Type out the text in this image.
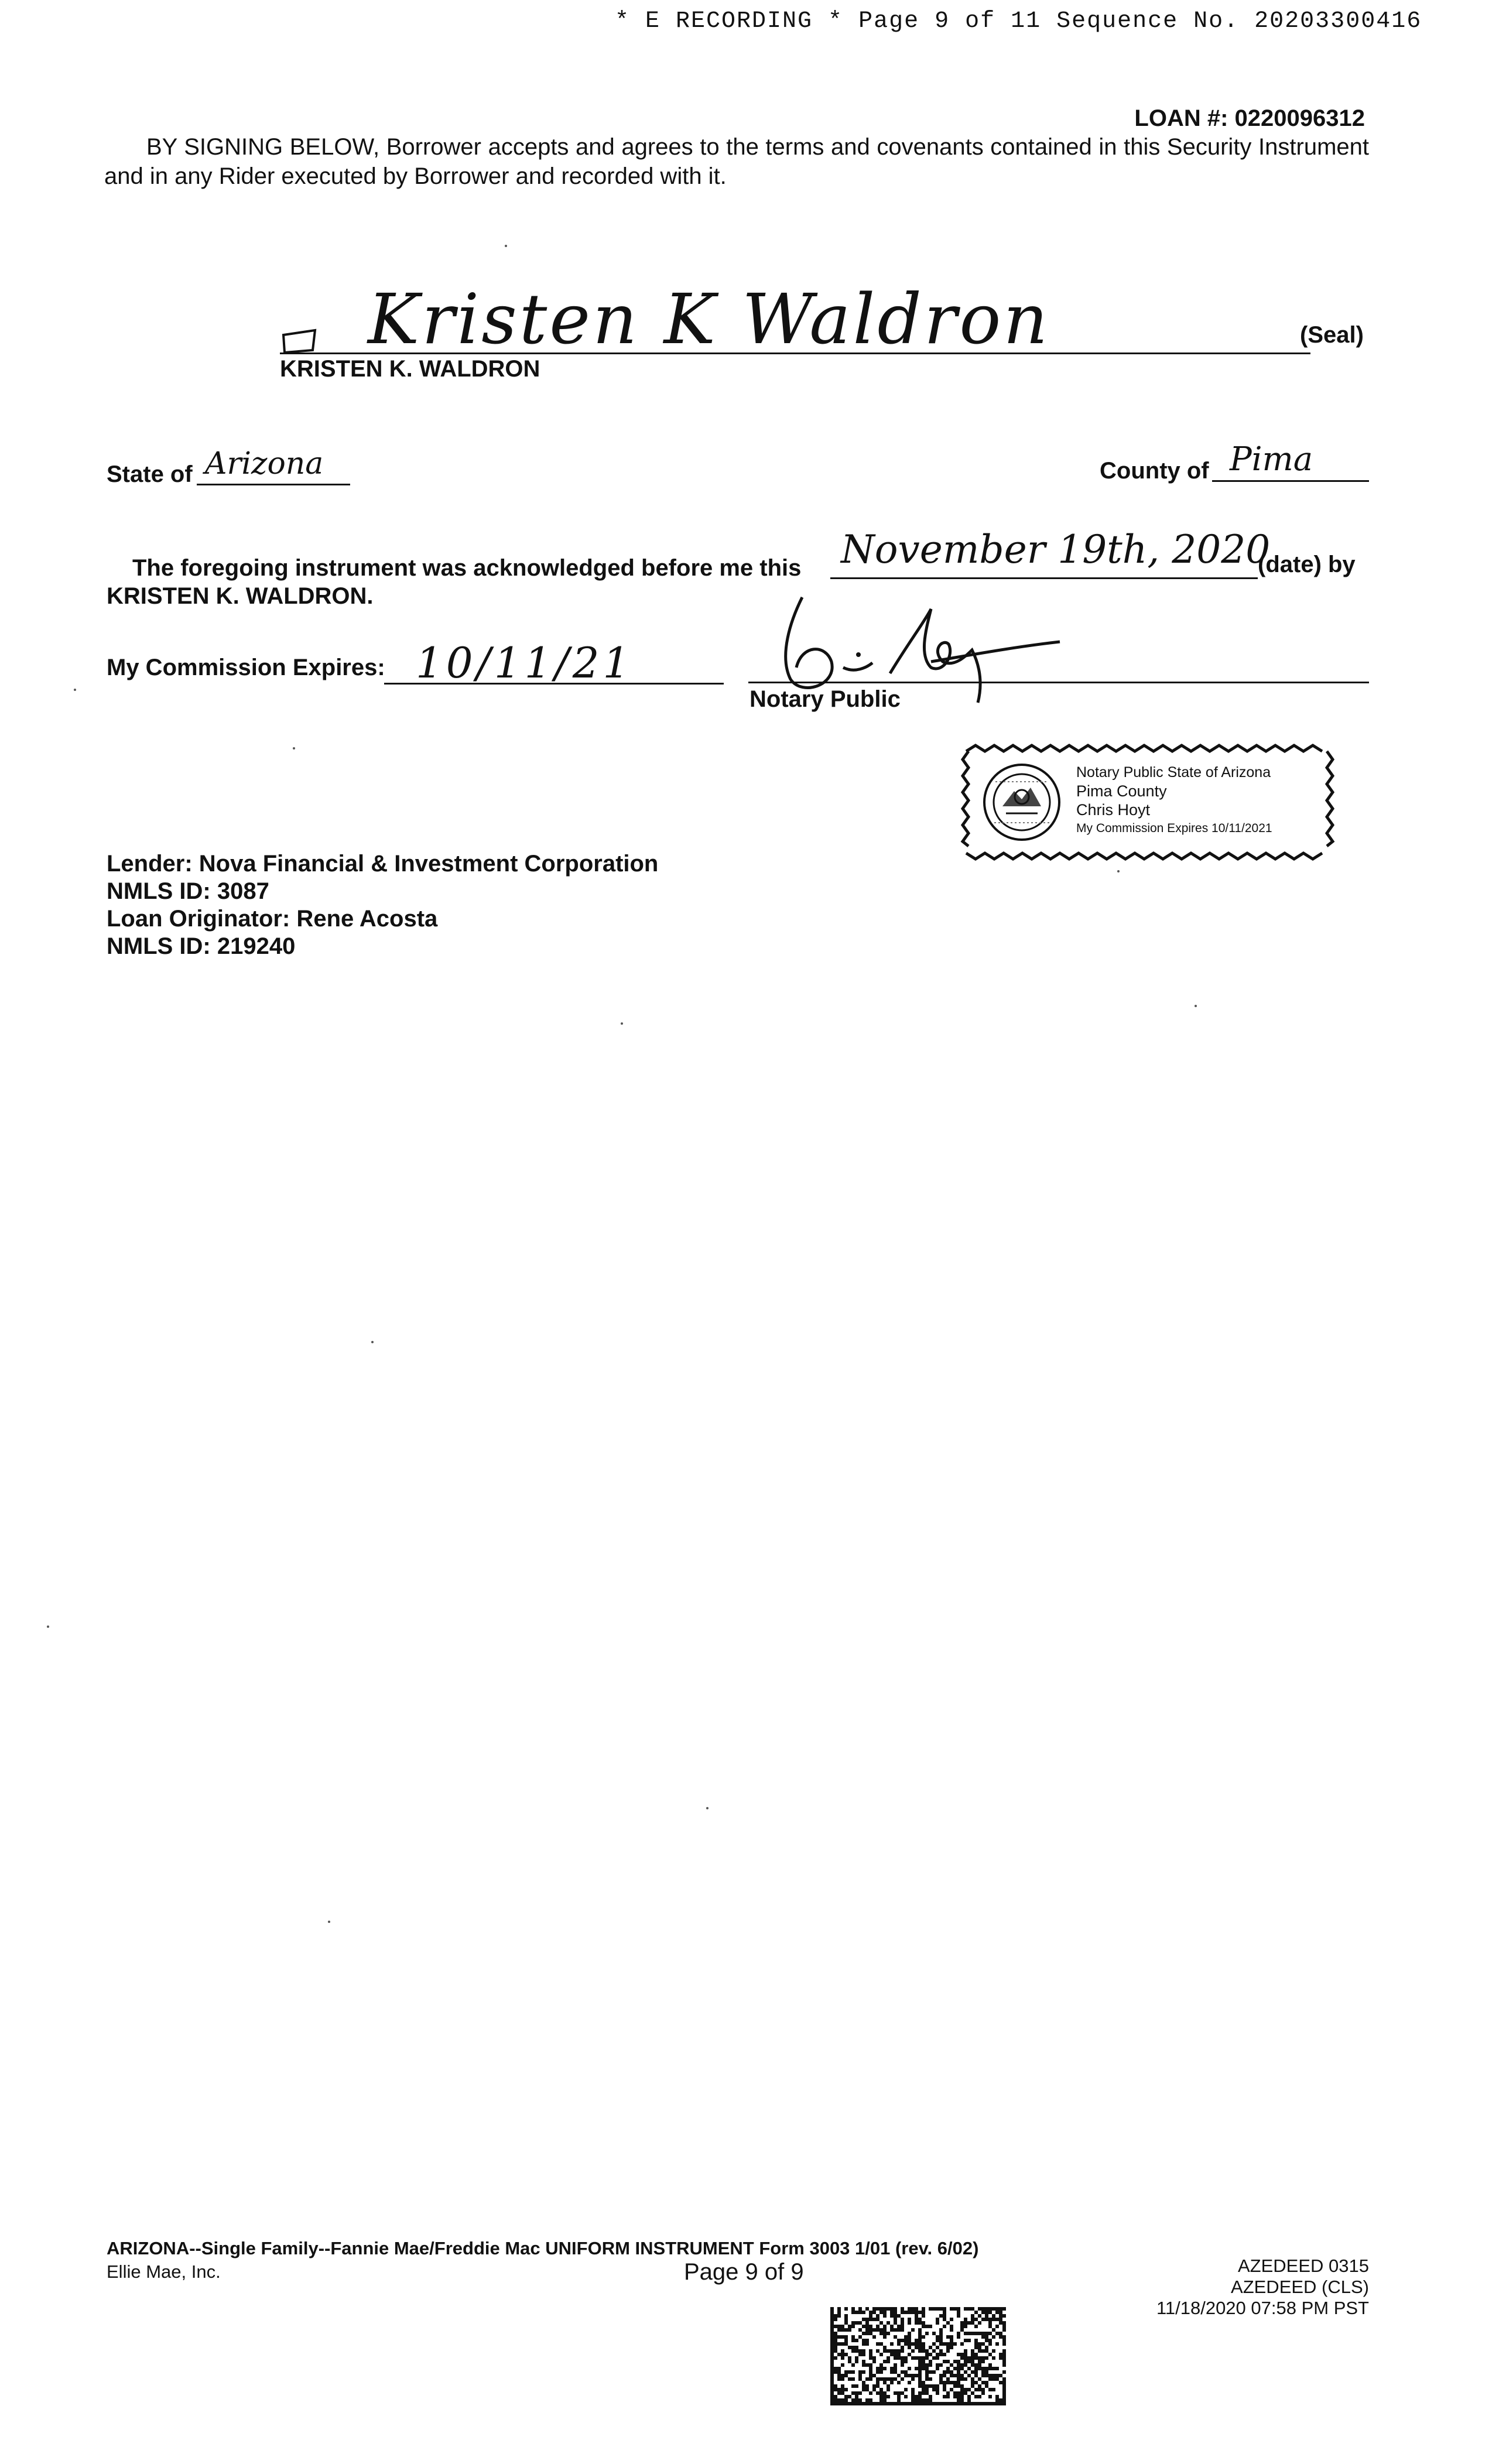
* E RECORDING * Page 9 of 11 Sequence No. 20203300416
LOAN #: 0220096312
BY SIGNING BELOW, Borrower accepts and agrees to the terms and covenants contained in this Security Instrument and in any Rider executed by Borrower and recorded with it.
Kristen K Waldron	(Seal)
KRISTEN K. WALDRON
State of Arizona	County of Pima
The foregoing instrument was acknowledged before me this November 19th, 2020
(date) by
KRISTEN K. WALDRON.
My Commission Expires: 10/11/21
Notary Public
Notary Public State of Arizona
Pima County
Chris Hoyt
My Commission Expires 10/11/2021
Lender: Nova Financial & Investment Corporation
NMLS ID: 3087
Loan Originator: Rene Acosta
NMLS ID: 219240
ARIZONA--Single Family--Fannie Mae/Freddie Mac UNIFORM INSTRUMENT Form 3003 1/01 (rev. 6/02)
Ellie Mae, Inc.	Page 9 of 9	AZEDEED 0315
AZEDEED (CLS)
11/18/2020 07:58 PM PST
